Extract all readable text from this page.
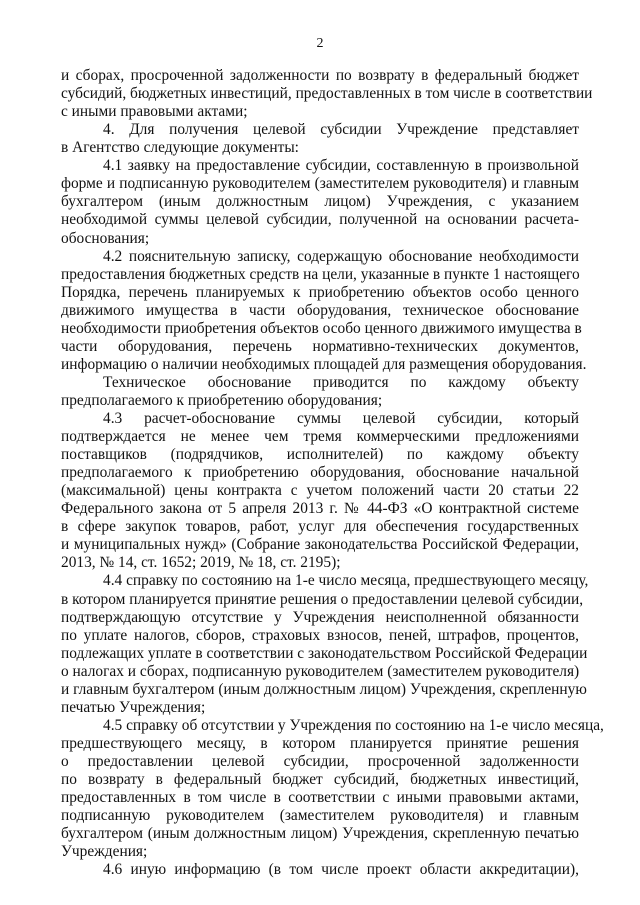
2
и сборах, просроченной задолженности по возврату в федеральный бюджет
субсидий, бюджетных инвестиций, предоставленных в том числе в соответствии
с иными правовыми актами;
4. Для получения целевой субсидии Учреждение представляет
в Агентство следующие документы:
4.1 заявку на предоставление субсидии, составленную в произвольной
форме и подписанную руководителем (заместителем руководителя) и главным
бухгалтером (иным должностным лицом) Учреждения, с указанием
необходимой суммы целевой субсидии, полученной на основании расчета-
обоснования;
4.2 пояснительную записку, содержащую обоснование необходимости
предоставления бюджетных средств на цели, указанные в пункте 1 настоящего
Порядка, перечень планируемых к приобретению объектов особо ценного
движимого имущества в части оборудования, техническое обоснование
необходимости приобретения объектов особо ценного движимого имущества в
части оборудования, перечень нормативно-технических документов,
информацию о наличии необходимых площадей для размещения оборудования.
Техническое обоснование приводится по каждому объекту
предполагаемого к приобретению оборудования;
4.3 расчет-обоснование суммы целевой субсидии, который
подтверждается не менее чем тремя коммерческими предложениями
поставщиков (подрядчиков, исполнителей) по каждому объекту
предполагаемого к приобретению оборудования, обоснование начальной
(максимальной) цены контракта с учетом положений части 20 статьи 22
Федерального закона от 5 апреля 2013 г. № 44-ФЗ «О контрактной системе
в сфере закупок товаров, работ, услуг для обеспечения государственных
и муниципальных нужд» (Собрание законодательства Российской Федерации,
2013, № 14, ст. 1652; 2019, № 18, ст. 2195);
4.4 справку по состоянию на 1-е число месяца, предшествующего месяцу,
в котором планируется принятие решения о предоставлении целевой субсидии,
подтверждающую отсутствие у Учреждения неисполненной обязанности
по уплате налогов, сборов, страховых взносов, пеней, штрафов, процентов,
подлежащих уплате в соответствии с законодательством Российской Федерации
о налогах и сборах, подписанную руководителем (заместителем руководителя)
и главным бухгалтером (иным должностным лицом) Учреждения, скрепленную
печатью Учреждения;
4.5 справку об отсутствии у Учреждения по состоянию на 1-е число месяца,
предшествующего месяцу, в котором планируется принятие решения
о предоставлении целевой субсидии, просроченной задолженности
по возврату в федеральный бюджет субсидий, бюджетных инвестиций,
предоставленных в том числе в соответствии с иными правовыми актами,
подписанную руководителем (заместителем руководителя) и главным
бухгалтером (иным должностным лицом) Учреждения, скрепленную печатью
Учреждения;
4.6 иную информацию (в том числе проект области аккредитации),
